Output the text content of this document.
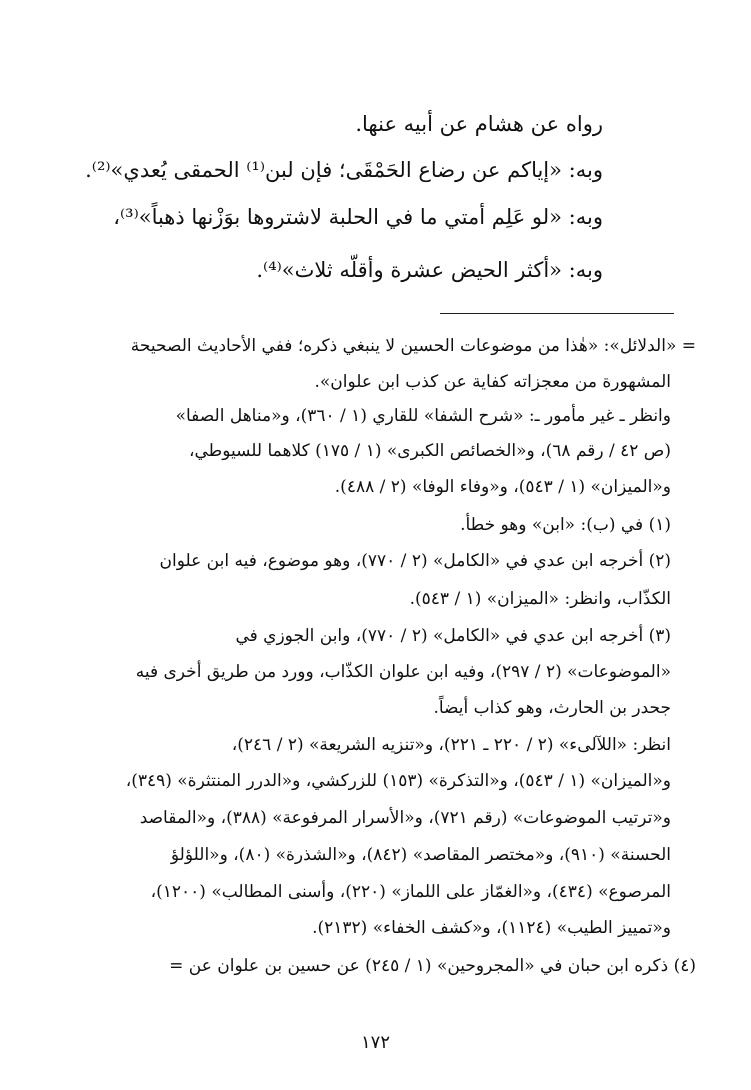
رواه عن هشام عن أبيه عنها.
وبه: «إياكم عن رضاع الحَمْقَى؛ فإن لبن⁽¹⁾ الحمقى يُعدي»⁽²⁾.
وبه: «لو عَلِم أمتي ما في الحلبة لاشتروها بوَزْنها ذهباً»⁽³⁾،
وبه: «أكثر الحيض عشرة وأقلّه ثلاث»⁽⁴⁾.
= «الدلائل»: «هٰذا من موضوعات الحسين لا ينبغي ذكره؛ ففي الأحاديث الصحيحة
المشهورة من معجزاته كفاية عن كذب ابن علوان».
وانظر ـ غير مأمور ـ: «شرح الشفا» للقاري (١ / ٣٦٠)، و«مناهل الصفا»
(ص ٤٢ / رقم ٦٨)، و«الخصائص الكبرى» (١ / ١٧٥) كلاهما للسيوطي،
و«الميزان» (١ / ٥٤٣)، و«وفاء الوفا» (٢ / ٤٨٨).
(١) في (ب): «ابن» وهو خطأ.
(٢) أخرجه ابن عدي في «الكامل» (٢ / ٧٧٠)، وهو موضوع، فيه ابن علوان
الكذّاب، وانظر: «الميزان» (١ / ٥٤٣).
(٣) أخرجه ابن عدي في «الكامل» (٢ / ٧٧٠)، وابن الجوزي في
«الموضوعات» (٢ / ٢٩٧)، وفيه ابن علوان الكذّاب، وورد من طريق أخرى فيه
جحدر بن الحارث، وهو كذاب أيضاً.
انظر: «اللآلىء» (٢ / ٢٢٠ ـ ٢٢١)، و«تنزيه الشريعة» (٢ / ٢٤٦)،
و«الميزان» (١ / ٥٤٣)، و«التذكرة» (١٥٣) للزركشي، و«الدرر المنتثرة» (٣٤٩)،
و«ترتيب الموضوعات» (رقم ٧٢١)، و«الأسرار المرفوعة» (٣٨٨)، و«المقاصد
الحسنة» (٩١٠)، و«مختصر المقاصد» (٨٤٢)، و«الشذرة» (٨٠)، و«اللؤلؤ
المرصوع» (٤٣٤)، و«الغمّاز على اللماز» (٢٢٠)، وأسنى المطالب» (١٢٠٠)،
و«تمييز الطيب» (١١٢٤)، و«كشف الخفاء» (٢١٣٢).
(٤) ذكره ابن حبان في «المجروحين» (١ / ٢٤٥) عن حسين بن علوان عن =
١٧٢
